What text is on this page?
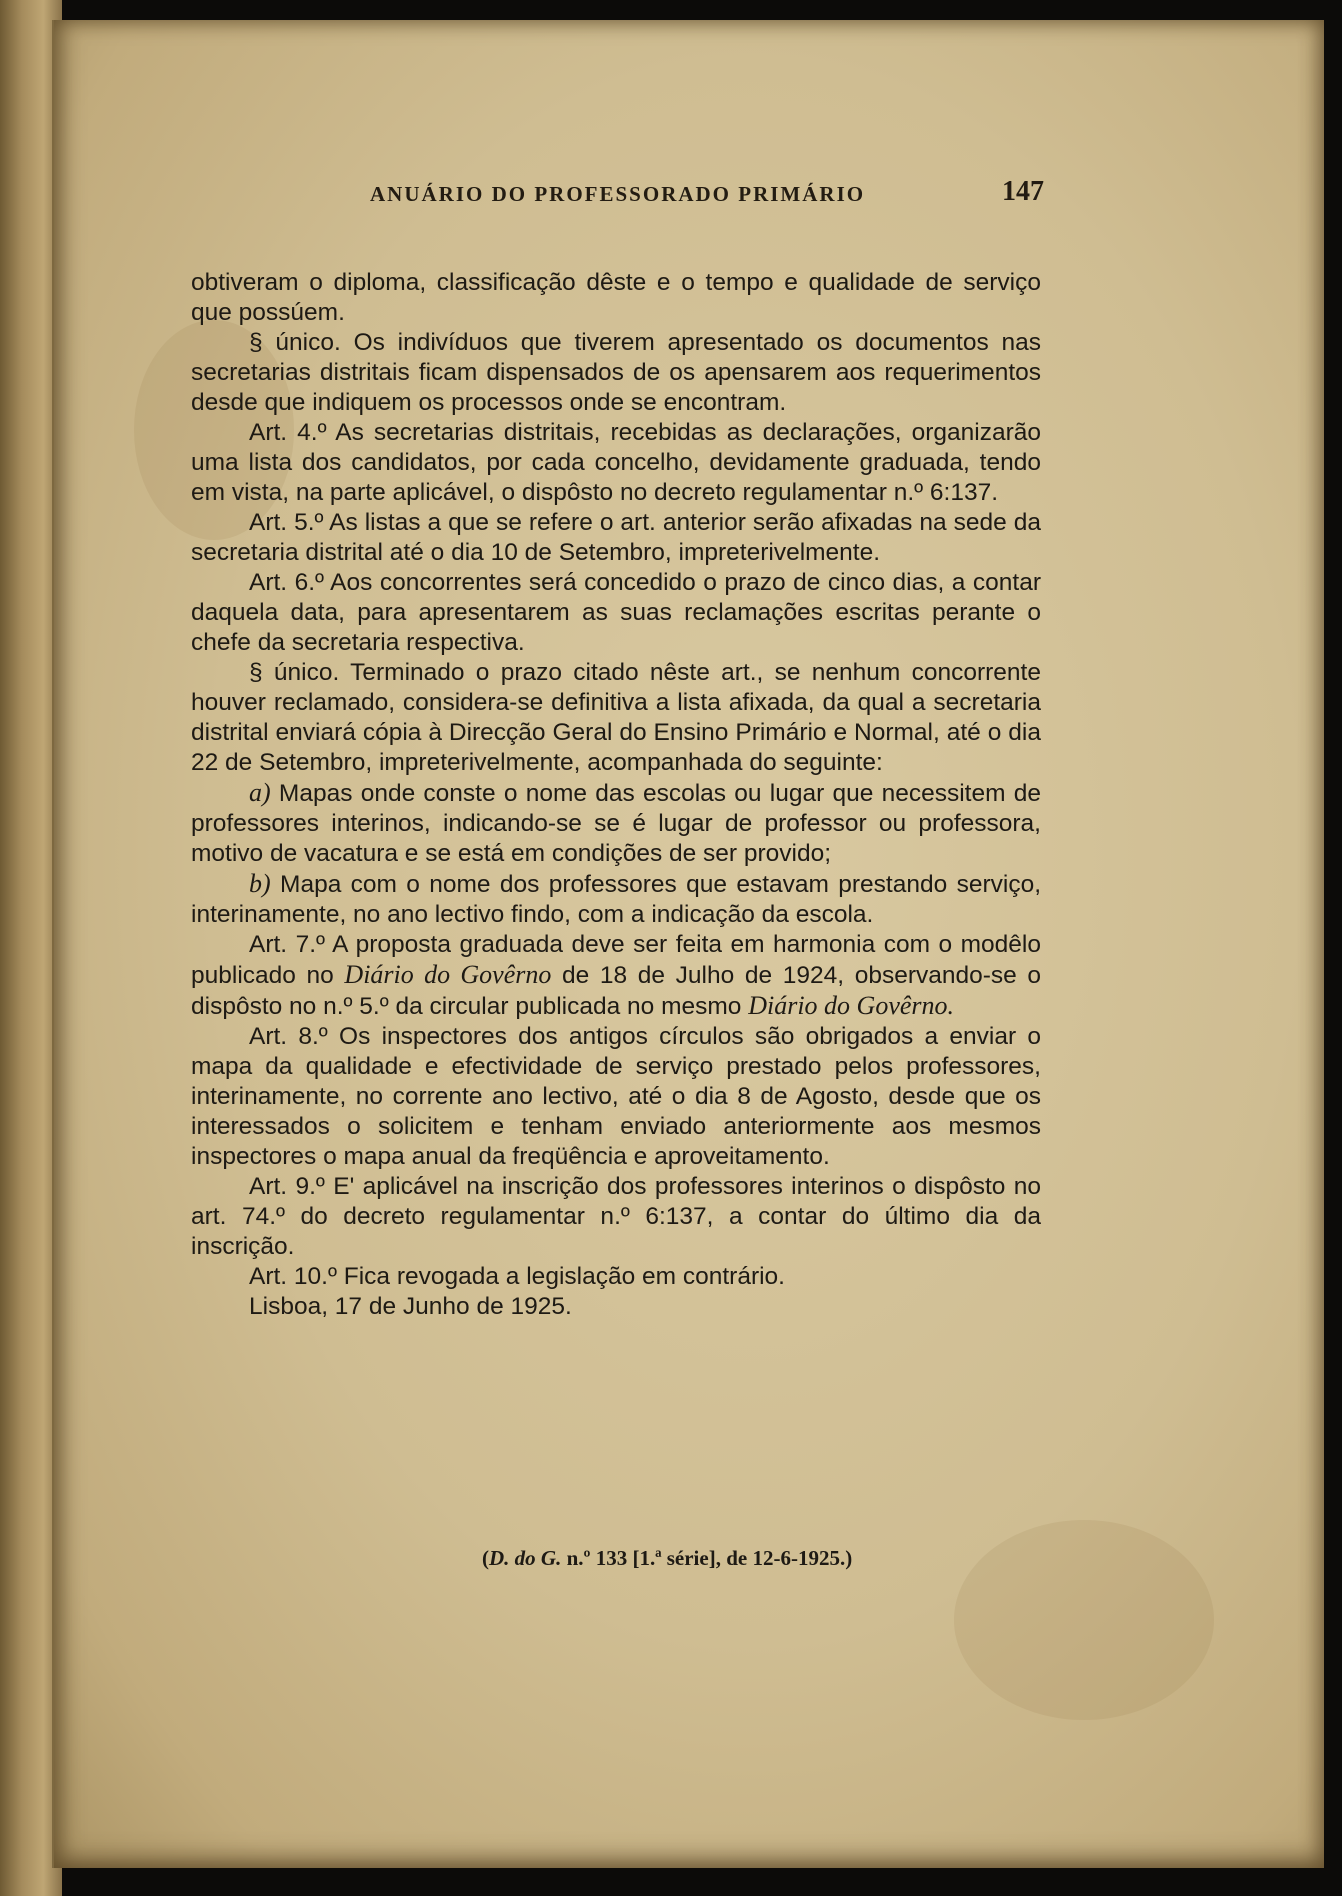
ANUÁRIO DO PROFESSORADO PRIMÁRIO	147

obtiveram o diploma, classificação dêste e o tempo e qualidade de serviço que possúem.

§ único. Os indivíduos que tiverem apresentado os documentos nas secretarias distritais ficam dispensados de os apensarem aos requerimentos desde que indiquem os processos onde se encontram.

Art. 4.º As secretarias distritais, recebidas as declarações, organizarão uma lista dos candidatos, por cada concelho, devidamente graduada, tendo em vista, na parte aplicável, o dispôsto no decreto regulamentar n.º 6:137.

Art. 5.º As listas a que se refere o art. anterior serão afixadas na sede da secretaria distrital até o dia 10 de Setembro, impreterivelmente.

Art. 6.º Aos concorrentes será concedido o prazo de cinco dias, a contar daquela data, para apresentarem as suas reclamações escritas perante o chefe da secretaria respectiva.

§ único. Terminado o prazo citado nêste art., se nenhum concorrente houver reclamado, considera-se definitiva a lista afixada, da qual a secretaria distrital enviará cópia à Direcção Geral do Ensino Primário e Normal, até o dia 22 de Setembro, impreterivelmente, acompanhada do seguinte:

a) Mapas onde conste o nome das escolas ou lugar que necessitem de professores interinos, indicando-se se é lugar de professor ou professora, motivo de vacatura e se está em condições de ser provido;

b) Mapa com o nome dos professores que estavam prestando serviço, interinamente, no ano lectivo findo, com a indicação da escola.

Art. 7.º A proposta graduada deve ser feita em harmonia com o modêlo publicado no Diário do Govêrno de 18 de Julho de 1924, observando-se o dispôsto no n.º 5.º da circular publicada no mesmo Diário do Govêrno.

Art. 8.º Os inspectores dos antigos círculos são obrigados a enviar o mapa da qualidade e efectividade de serviço prestado pelos professores, interinamente, no corrente ano lectivo, até o dia 8 de Agosto, desde que os interessados o solicitem e tenham enviado anteriormente aos mesmos inspectores o mapa anual da freqüência e aproveitamento.

Art. 9.º E' aplicável na inscrição dos professores interinos o dispôsto no art. 74.º do decreto regulamentar n.º 6:137, a contar do último dia da inscrição.

Art. 10.º Fica revogada a legislação em contrário.

Lisboa, 17 de Junho de 1925.

(D. do G. n.º 133 [1.ª série], de 12-6-1925.)
